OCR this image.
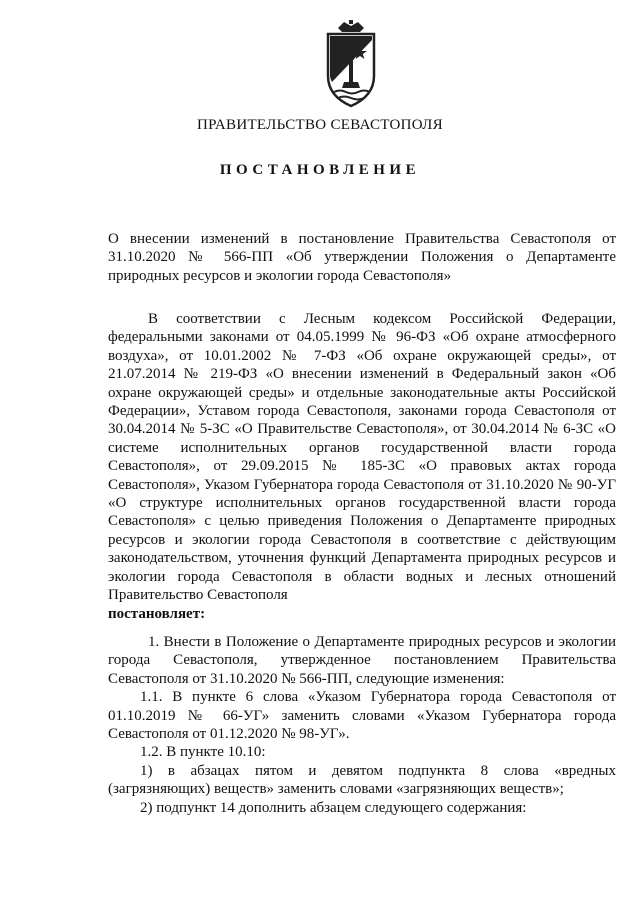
ПРАВИТЕЛЬСТВО СЕВАСТОПОЛЯ
ПОСТАНОВЛЕНИЕ

О внесении изменений в постановление Правительства Севастополя от 31.10.2020 № 566-ПП «Об утверждении Положения о Департаменте природных ресурсов и экологии города Севастополя»

В соответствии с Лесным кодексом Российской Федерации, федеральными законами от 04.05.1999 № 96-ФЗ «Об охране атмосферного воздуха», от 10.01.2002 № 7-ФЗ «Об охране окружающей среды», от 21.07.2014 № 219-ФЗ «О внесении изменений в Федеральный закон «Об охране окружающей среды» и отдельные законодательные акты Российской Федерации», Уставом города Севастополя, законами города Севастополя от 30.04.2014 № 5-ЗС «О Правительстве Севастополя», от 30.04.2014 № 6-ЗС «О системе исполнительных органов государственной власти города Севастополя», от 29.09.2015 № 185-ЗС «О правовых актах города Севастополя», Указом Губернатора города Севастополя от 31.10.2020 № 90-УГ «О структуре исполнительных органов государственной власти города Севастополя» с целью приведения Положения о Департаменте природных ресурсов и экологии города Севастополя в соответствие с действующим законодательством, уточнения функций Департамента природных ресурсов и экологии города Севастополя в области водных и лесных отношений Правительство Севастополя
постановляет:

1. Внести в Положение о Департаменте природных ресурсов и экологии города Севастополя, утвержденное постановлением Правительства Севастополя от 31.10.2020 № 566-ПП, следующие изменения:

1.1. В пункте 6 слова «Указом Губернатора города Севастополя от 01.10.2019 № 66-УГ» заменить словами «Указом Губернатора города Севастополя от 01.12.2020 № 98-УГ».

1.2. В пункте 10.10:

1) в абзацах пятом и девятом подпункта 8 слова «вредных (загрязняющих) веществ» заменить словами «загрязняющих веществ»;

2) подпункт 14 дополнить абзацем следующего содержания:
